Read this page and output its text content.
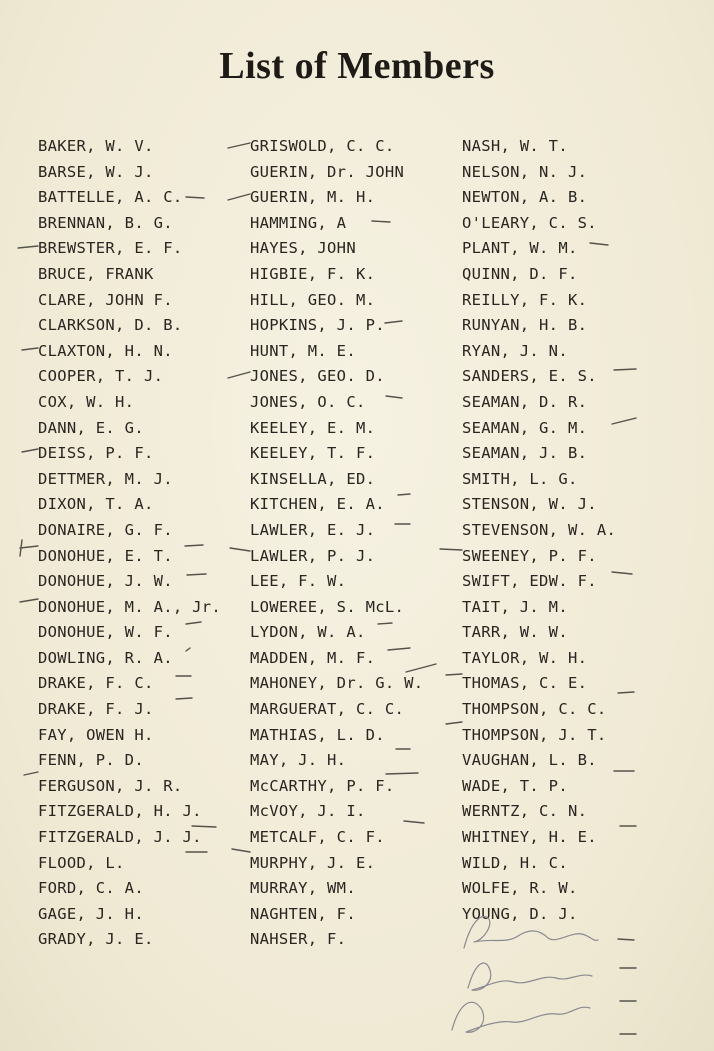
List of Members
BAKER, W. V.
BARSE, W. J.
BATTELLE, A. C.
BRENNAN, B. G.
BREWSTER, E. F.
BRUCE, FRANK
CLARE, JOHN F.
CLARKSON, D. B.
CLAXTON, H. N.
COOPER, T. J.
COX, W. H.
DANN, E. G.
DEISS, P. F.
DETTMER, M. J.
DIXON, T. A.
DONAIRE, G. F.
DONOHUE, E. T.
DONOHUE, J. W.
DONOHUE, M. A., Jr.
DONOHUE, W. F.
DOWLING, R. A.
DRAKE, F. C.
DRAKE, F. J.
FAY, OWEN H.
FENN, P. D.
FERGUSON, J. R.
FITZGERALD, H. J.
FITZGERALD, J. J.
FLOOD, L.
FORD, C. A.
GAGE, J. H.
GRADY, J. E.
GRISWOLD, C. C.
GUERIN, Dr. JOHN
GUERIN, M. H.
HAMMING, A
HAYES, JOHN
HIGBIE, F. K.
HILL, GEO. M.
HOPKINS, J. P.
HUNT, M. E.
JONES, GEO. D.
JONES, O. C.
KEELEY, E. M.
KEELEY, T. F.
KINSELLA, ED.
KITCHEN, E. A.
LAWLER, E. J.
LAWLER, P. J.
LEE, F. W.
LOWEREE, S. McL.
LYDON, W. A.
MADDEN, M. F.
MAHONEY, Dr. G. W.
MARGUERAT, C. C.
MATHIAS, L. D.
MAY, J. H.
McCARTHY, P. F.
McVOY, J. I.
METCALF, C. F.
MURPHY, J. E.
MURRAY, WM.
NAGHTEN, F.
NAHSER, F.
NASH, W. T.
NELSON, N. J.
NEWTON, A. B.
O'LEARY, C. S.
PLANT, W. M.
QUINN, D. F.
REILLY, F. K.
RUNYAN, H. B.
RYAN, J. N.
SANDERS, E. S.
SEAMAN, D. R.
SEAMAN, G. M.
SEAMAN, J. B.
SMITH, L. G.
STENSON, W. J.
STEVENSON, W. A.
SWEENEY, P. F.
SWIFT, EDW. F.
TAIT, J. M.
TARR, W. W.
TAYLOR, W. H.
THOMAS, C. E.
THOMPSON, C. C.
THOMPSON, J. T.
VAUGHAN, L. B.
WADE, T. P.
WERNTZ, C. N.
WHITNEY, H. E.
WILD, H. C.
WOLFE, R. W.
YOUNG, D. J.
